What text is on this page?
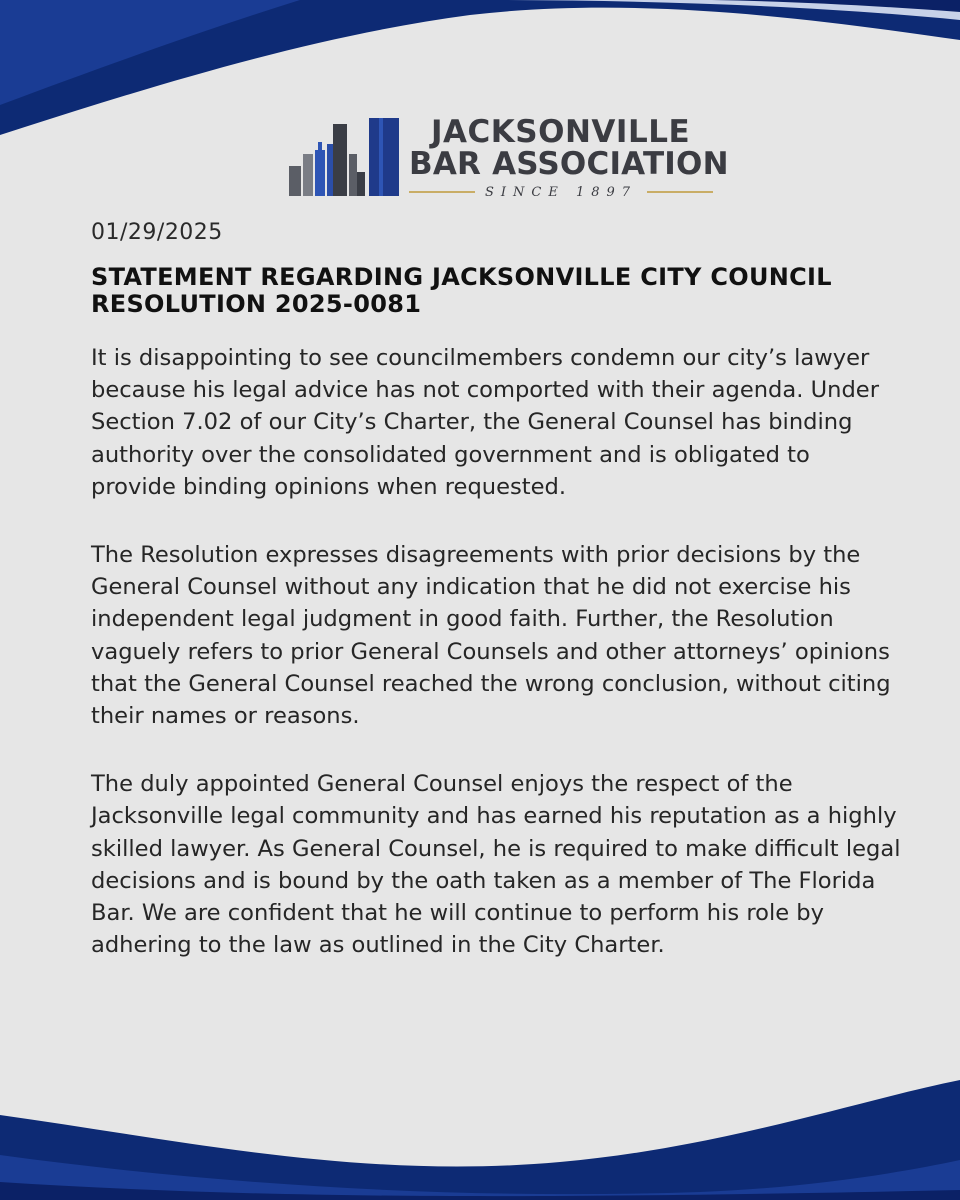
JACKSONVILLE
BAR ASSOCIATION
SINCE 1897
01/29/2025
STATEMENT REGARDING JACKSONVILLE CITY COUNCIL RESOLUTION 2025-0081

It is disappointing to see councilmembers condemn our city’s lawyer because his legal advice has not comported with their agenda. Under Section 7.02 of our City’s Charter, the General Counsel has binding authority over the consolidated government and is obligated to provide binding opinions when requested.

The Resolution expresses disagreements with prior decisions by the General Counsel without any indication that he did not exercise his independent legal judgment in good faith. Further, the Resolution vaguely refers to prior General Counsels and other attorneys’ opinions that the General Counsel reached the wrong conclusion, without citing their names or reasons.

The duly appointed General Counsel enjoys the respect of the Jacksonville legal community and has earned his reputation as a highly skilled lawyer. As General Counsel, he is required to make difficult legal decisions and is bound by the oath taken as a member of The Florida Bar. We are confident that he will continue to perform his role by adhering to the law as outlined in the City Charter.
